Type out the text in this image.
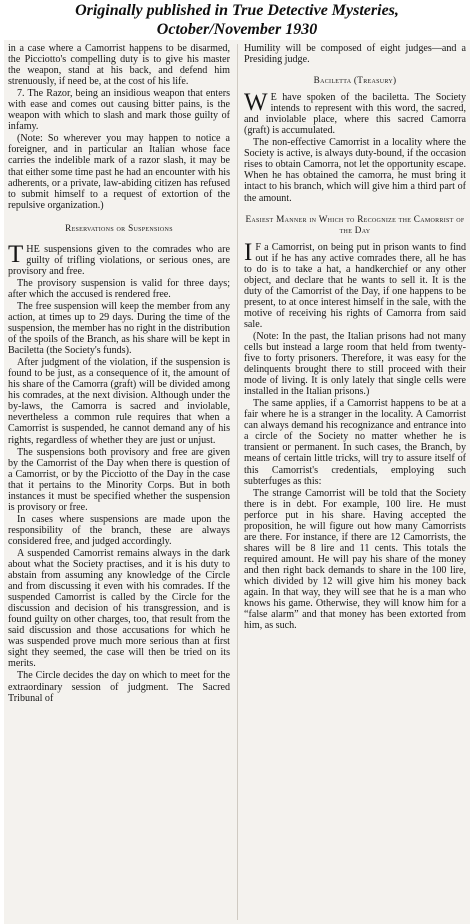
Originally published in True Detective Mysteries,
October/November 1930

in a case where a Camorrist happens to be disarmed, the Picciotto's compelling duty is to give his master the weapon, stand at his back, and defend him strenuously, if need be, at the cost of his life.

7. The Razor, being an insidious weapon that enters with ease and comes out causing bitter pains, is the weapon with which to slash and mark those guilty of infamy.

(Note: So wherever you may happen to notice a foreigner, and in particular an Italian whose face carries the indelible mark of a razor slash, it may be that either some time past he had an encounter with his adherents, or a private, law-abiding citizen has refused to submit himself to a request of extortion of the repulsive organization.)

Reservations or Suspensions

THE suspensions given to the comrades who are guilty of trifling violations, or serious ones, are provisory and free.

The provisory suspension is valid for three days; after which the accused is rendered free.

The free suspension will keep the member from any action, at times up to 29 days. During the time of the suspension, the member has no right in the distribution of the spoils of the Branch, as his share will be kept in Baciletta (the Society's funds).

After judgment of the violation, if the suspension is found to be just, as a consequence of it, the amount of his share of the Camorra (graft) will be divided among his comrades, at the next division. Although under the by-laws, the Camorra is sacred and inviolable, nevertheless a common rule requires that when a Camorrist is suspended, he cannot demand any of his rights, regardless of whether they are just or unjust.

The suspensions both provisory and free are given by the Camorrist of the Day when there is question of a Camorrist, or by the Picciotto of the Day in the case that it pertains to the Minority Corps. But in both instances it must be specified whether the suspension is provisory or free.

In cases where suspensions are made upon the responsibility of the branch, these are always considered free, and judged accordingly.

A suspended Camorrist remains always in the dark about what the Society practises, and it is his duty to abstain from assuming any knowledge of the Circle and from discussing it even with his comrades. If the suspended Camorrist is called by the Circle for the discussion and decision of his transgression, and is found guilty on other charges, too, that result from the said discussion and those accusations for which he was suspended prove much more serious than at first sight they seemed, the case will then be tried on its merits.

The Circle decides the day on which to meet for the extraordinary session of judgment. The Sacred Tribunal of

Humility will be composed of eight judges—and a Presiding judge.

Baciletta (Treasury)

W E have spoken of the baciletta. The Society intends to represent with this word, the sacred, and inviolable place, where this sacred Camorra (graft) is accumulated.

The non-effective Camorrist in a locality where the Society is active, is always duty-bound, if the occasion rises to obtain Camorra, not let the opportunity escape. When he has obtained the camorra, he must bring it intact to his branch, which will give him a third part of the amount.

Easiest Manner in Which to Recognize the Camorrist of the Day

I F a Camorrist, on being put in prison wants to find out if he has any active comrades there, all he has to do is to take a hat, a handkerchief or any other object, and declare that he wants to sell it. It is the duty of the Camorrist of the Day, if one happens to be present, to at once interest himself in the sale, with the motive of receiving his rights of Camorra from said sale.

(Note: In the past, the Italian prisons had not many cells but instead a large room that held from twenty-five to forty prisoners. Therefore, it was easy for the delinquents brought there to still proceed with their mode of living. It is only lately that single cells were installed in the Italian prisons.)

The same applies, if a Camorrist happens to be at a fair where he is a stranger in the locality. A Camorrist can always demand his recognizance and entrance into a circle of the Society no matter whether he is transient or permanent. In such cases, the Branch, by means of certain little tricks, will try to assure itself of this Camorrist's credentials, employing such subterfuges as this:

The strange Camorrist will be told that the Society there is in debt. For example, 100 lire. He must perforce put in his share. Having accepted the proposition, he will figure out how many Camorrists are there. For instance, if there are 12 Camorrists, the shares will be 8 lire and 11 cents. This totals the required amount. He will pay his share of the money and then right back demands to share in the 100 lire, which divided by 12 will give him his money back again. In that way, they will see that he is a man who knows his game. Otherwise, they will know him for a “false alarm” and that money has been extorted from him, as such.
